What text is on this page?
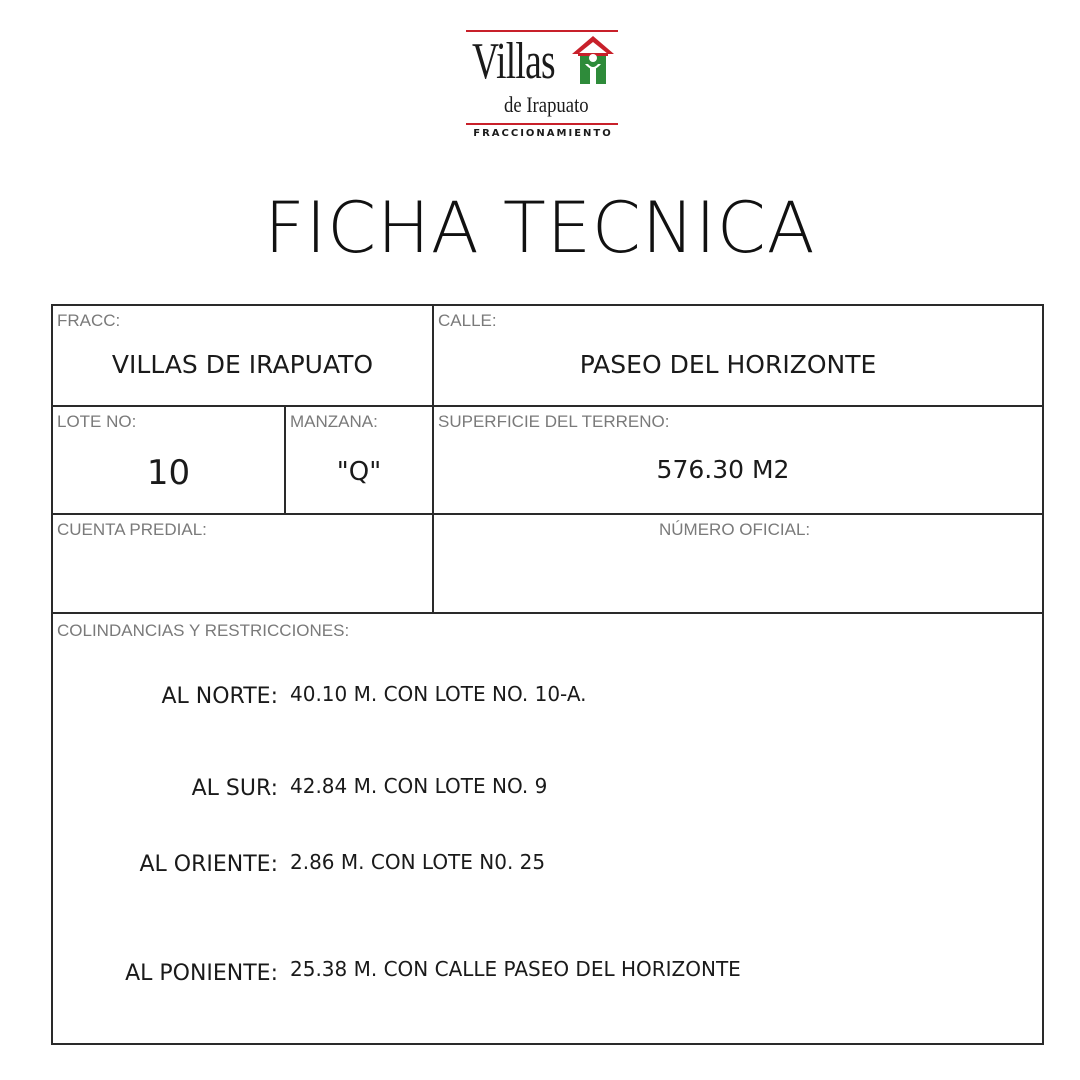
Villas
de Irapuato
FRACCIONAMIENTO
FICHA TECNICA
FRACC:
VILLAS DE IRAPUATO
CALLE:
PASEO DEL HORIZONTE
LOTE NO:
10
MANZANA:
"Q"
SUPERFICIE DEL TERRENO:
576.30 M2
CUENTA PREDIAL:	NÚMERO OFICIAL:
COLINDANCIAS Y RESTRICCIONES:
AL NORTE: 40.10 M. CON LOTE NO. 10-A.
AL SUR: 42.84 M. CON LOTE NO. 9
AL ORIENTE: 2.86 M. CON LOTE N0. 25
AL PONIENTE: 25.38 M. CON CALLE PASEO DEL HORIZONTE
